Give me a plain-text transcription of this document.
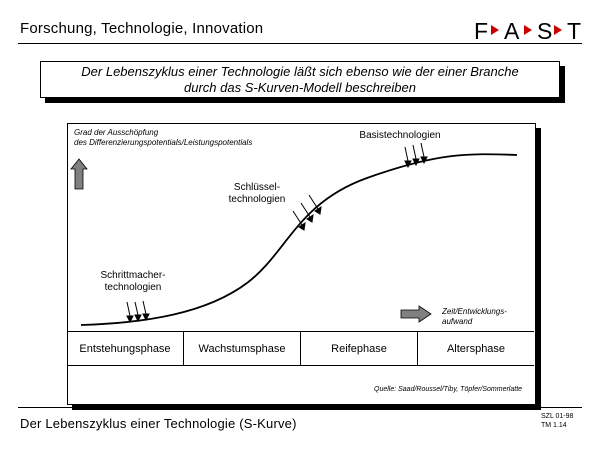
Forschung, Technologie, Innovation	F A S T
Der Lebenszyklus einer Technologie läßt sich ebenso wie der einer Branche
durch das S-Kurven-Modell beschreiben
Grad der Ausschöpfung
des Differenzierungspotentials/Leistungspotentials
Zeit/Entwicklungs-
aufwand
Schrittmacher-
technologien
Schlüssel-
technologien
Basistechnologien
Entstehungsphase	Wachstumsphase	Reifephase	Altersphase
Quelle: Saad/Roussel/Tiby, Töpfer/Sommerlatte
Der Lebenszyklus einer Technologie (S-Kurve)	SZL 01-98
TM 1.14
